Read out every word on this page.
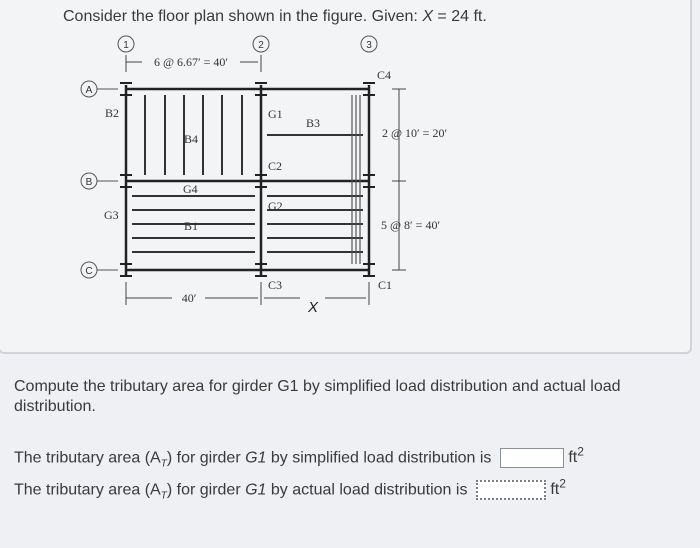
Consider the floor plan shown in the figure. Given: X = 24 ft.
1	2	3
A
B
C
6 @ 6.67′ = 40′
2 @ 10′ = 20′
5 @ 8′ = 40′
40′
X
B2
B4
G1
B3
C4
C2
G4
G3
G2
B1
C3	C1
Compute the tributary area for girder G1 by simplified load distribution and actual load distribution.
The tributary area $(A_T)$ for girder G1 by simplified load distribution is	$ft^2$
The tributary area $(A_T)$ for girder G1 by actual load distribution is	$ft^2$
